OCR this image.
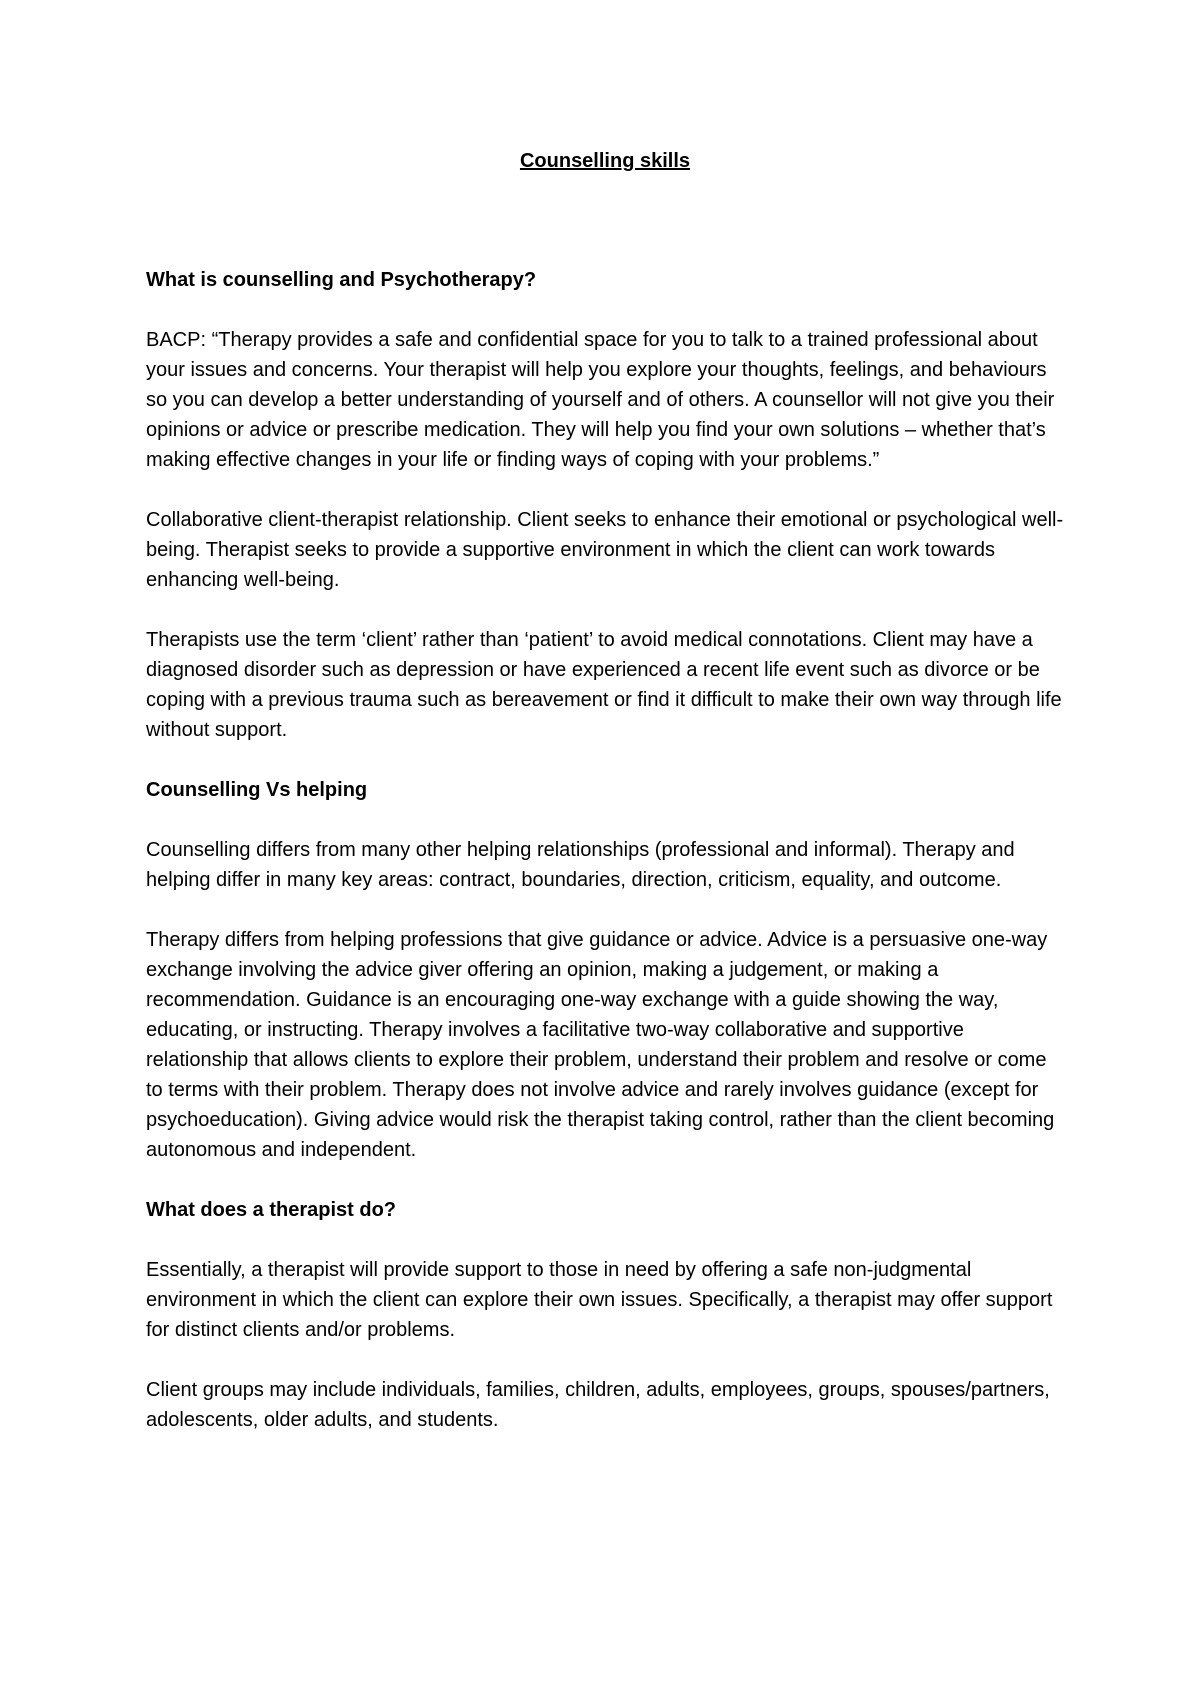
Counselling skills

What is counselling and Psychotherapy?

BACP: “Therapy provides a safe and confidential space for you to talk to a trained professional about your issues and concerns. Your therapist will help you explore your thoughts, feelings, and behaviours so you can develop a better understanding of yourself and of others. A counsellor will not give you their opinions or advice or prescribe medication. They will help you find your own solutions – whether that’s making effective changes in your life or finding ways of coping with your problems.”

Collaborative client-therapist relationship. Client seeks to enhance their emotional or psychological well-being. Therapist seeks to provide a supportive environment in which the client can work towards enhancing well-being.

Therapists use the term ‘client’ rather than ‘patient’ to avoid medical connotations. Client may have a diagnosed disorder such as depression or have experienced a recent life event such as divorce or be coping with a previous trauma such as bereavement or find it difficult to make their own way through life without support.

Counselling Vs helping

Counselling differs from many other helping relationships (professional and informal). Therapy and helping differ in many key areas: contract, boundaries, direction, criticism, equality, and outcome.

Therapy differs from helping professions that give guidance or advice. Advice is a persuasive one-way exchange involving the advice giver offering an opinion, making a judgement, or making a recommendation. Guidance is an encouraging one-way exchange with a guide showing the way, educating, or instructing. Therapy involves a facilitative two-way collaborative and supportive relationship that allows clients to explore their problem, understand their problem and resolve or come to terms with their problem. Therapy does not involve advice and rarely involves guidance (except for psychoeducation). Giving advice would risk the therapist taking control, rather than the client becoming autonomous and independent.

What does a therapist do?

Essentially, a therapist will provide support to those in need by offering a safe non-judgmental environment in which the client can explore their own issues. Specifically, a therapist may offer support for distinct clients and/or problems.

Client groups may include individuals, families, children, adults, employees, groups, spouses/partners, adolescents, older adults, and students.
